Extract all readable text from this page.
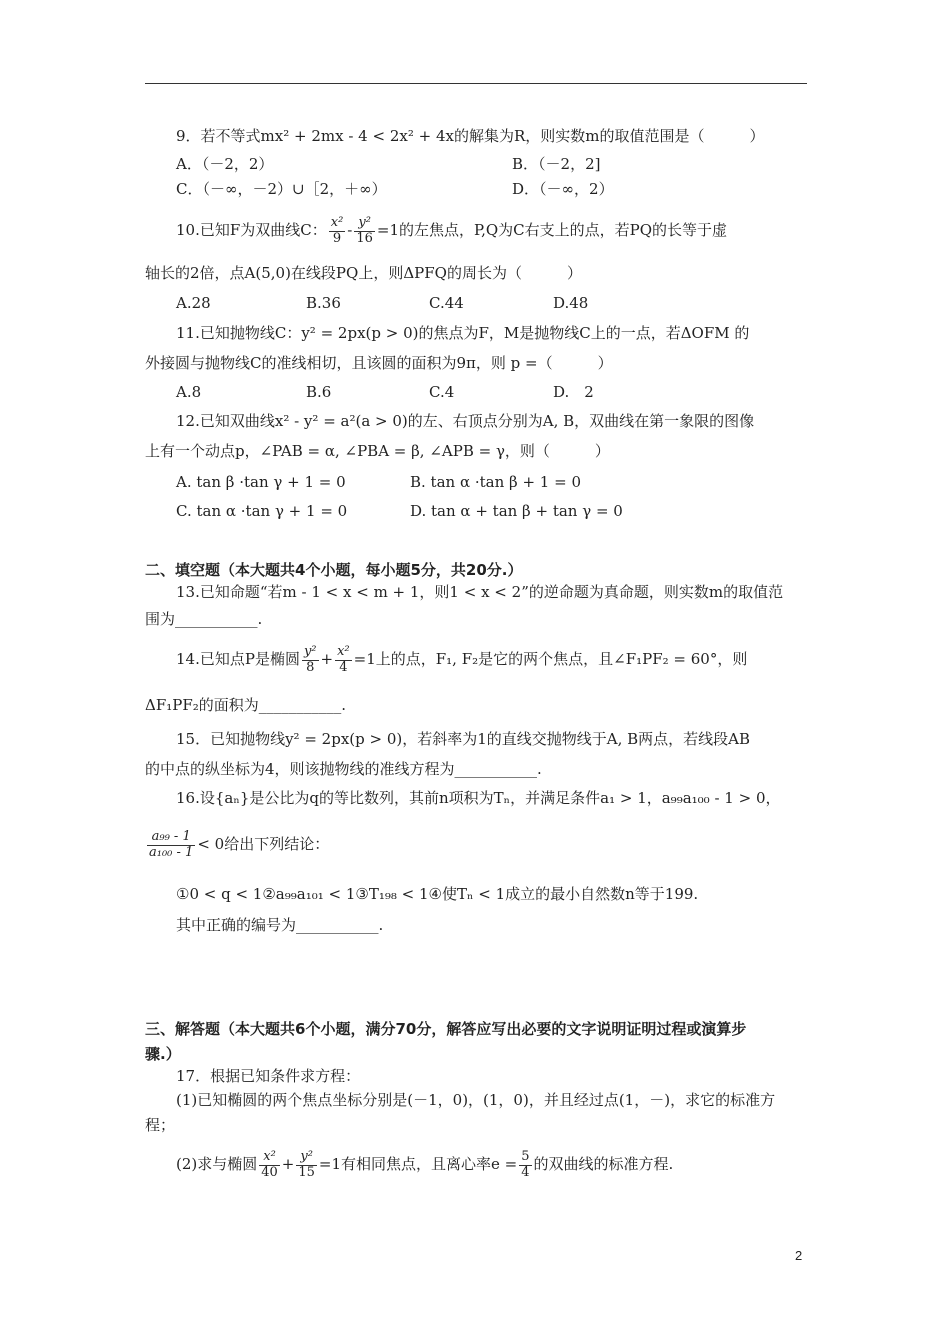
9．若不等式mx² + 2mx - 4 < 2x² + 4x的解集为R，则实数m的取值范围是（　　　）
A．（－2，2）	B．（－2，2]
C．（－∞，－2）∪［2，＋∞）	D．（－∞，2）
10.已知F为双曲线C： $\frac{\text{x²}}{9} - \frac{\text{y²}}{16} =1$的左焦点，P,Q为C右支上的点，若PQ的长等于虚
轴长的2倍，点A(5,0)在线段PQ上，则ΔPFQ的周长为（　　　）
A.28	B.36	C.44	D.48
11.已知抛物线C：y² = 2px(p > 0)的焦点为F，M是抛物线C上的一点，若ΔOFM 的
外接圆与抛物线C的准线相切，且该圆的面积为9π，则 p =（　　　）
A.8	B.6	C.4	D.　2
12.已知双曲线x² - y² = a²(a > 0)的左、右顶点分别为A, B，双曲线在第一象限的图像
上有一个动点p，∠PAB = α, ∠PBA = β, ∠APB = γ，则（　　　）
A. tan β ·tan γ + 1 = 0	B. tan α ·tan β + 1 = 0
C. tan α ·tan γ + 1 = 0	D. tan α + tan β + tan γ = 0
二、填空题（本大题共4个小题，每小题5分，共20分.）
13.已知命题“若m - 1 < x < m + 1，则1 < x < 2”的逆命题为真命题，则实数m的取值范
围为___________.
14.已知点P是椭圆 $\frac{\text{y²}}{8} + \frac{\text{x²}}{4} =1$上的点，F₁, F₂是它的两个焦点，且∠F₁PF₂ = 60°，则
ΔF₁PF₂的面积为___________.
15．已知抛物线y² = 2px(p > 0)，若斜率为1的直线交抛物线于A, B两点，若线段AB
的中点的纵坐标为4，则该抛物线的准线方程为___________.
16.设{aₙ}是公比为q的等比数列，其前n项积为Tₙ，并满足条件a₁ > 1，a₉₉a₁₀₀ - 1 > 0，
$\frac{\text{a₉₉ - 1}}{\text{a₁₀₀ - 1}} < 0$给出下列结论：
①0 < q < 1②a₉₉a₁₀₁ < 1③T₁₉₈ < 1④使Tₙ < 1成立的最小自然数n等于199.
其中正确的编号为___________.
三、解答题（本大题共6个小题，满分70分，解答应写出必要的文字说明证明过程或演算步
骤.）
17．根据已知条件求方程：
(1)已知椭圆的两个焦点坐标分别是(－1，0)，(1，0)，并且经过点(1，－)，求它的标准方
程；
(2)求与椭圆 $\frac{\text{x²}}{40} + \frac{\text{y²}}{15} =1$有相同焦点，且离心率$e = \frac{5}{4}$ 的双曲线的标准方程.
2
